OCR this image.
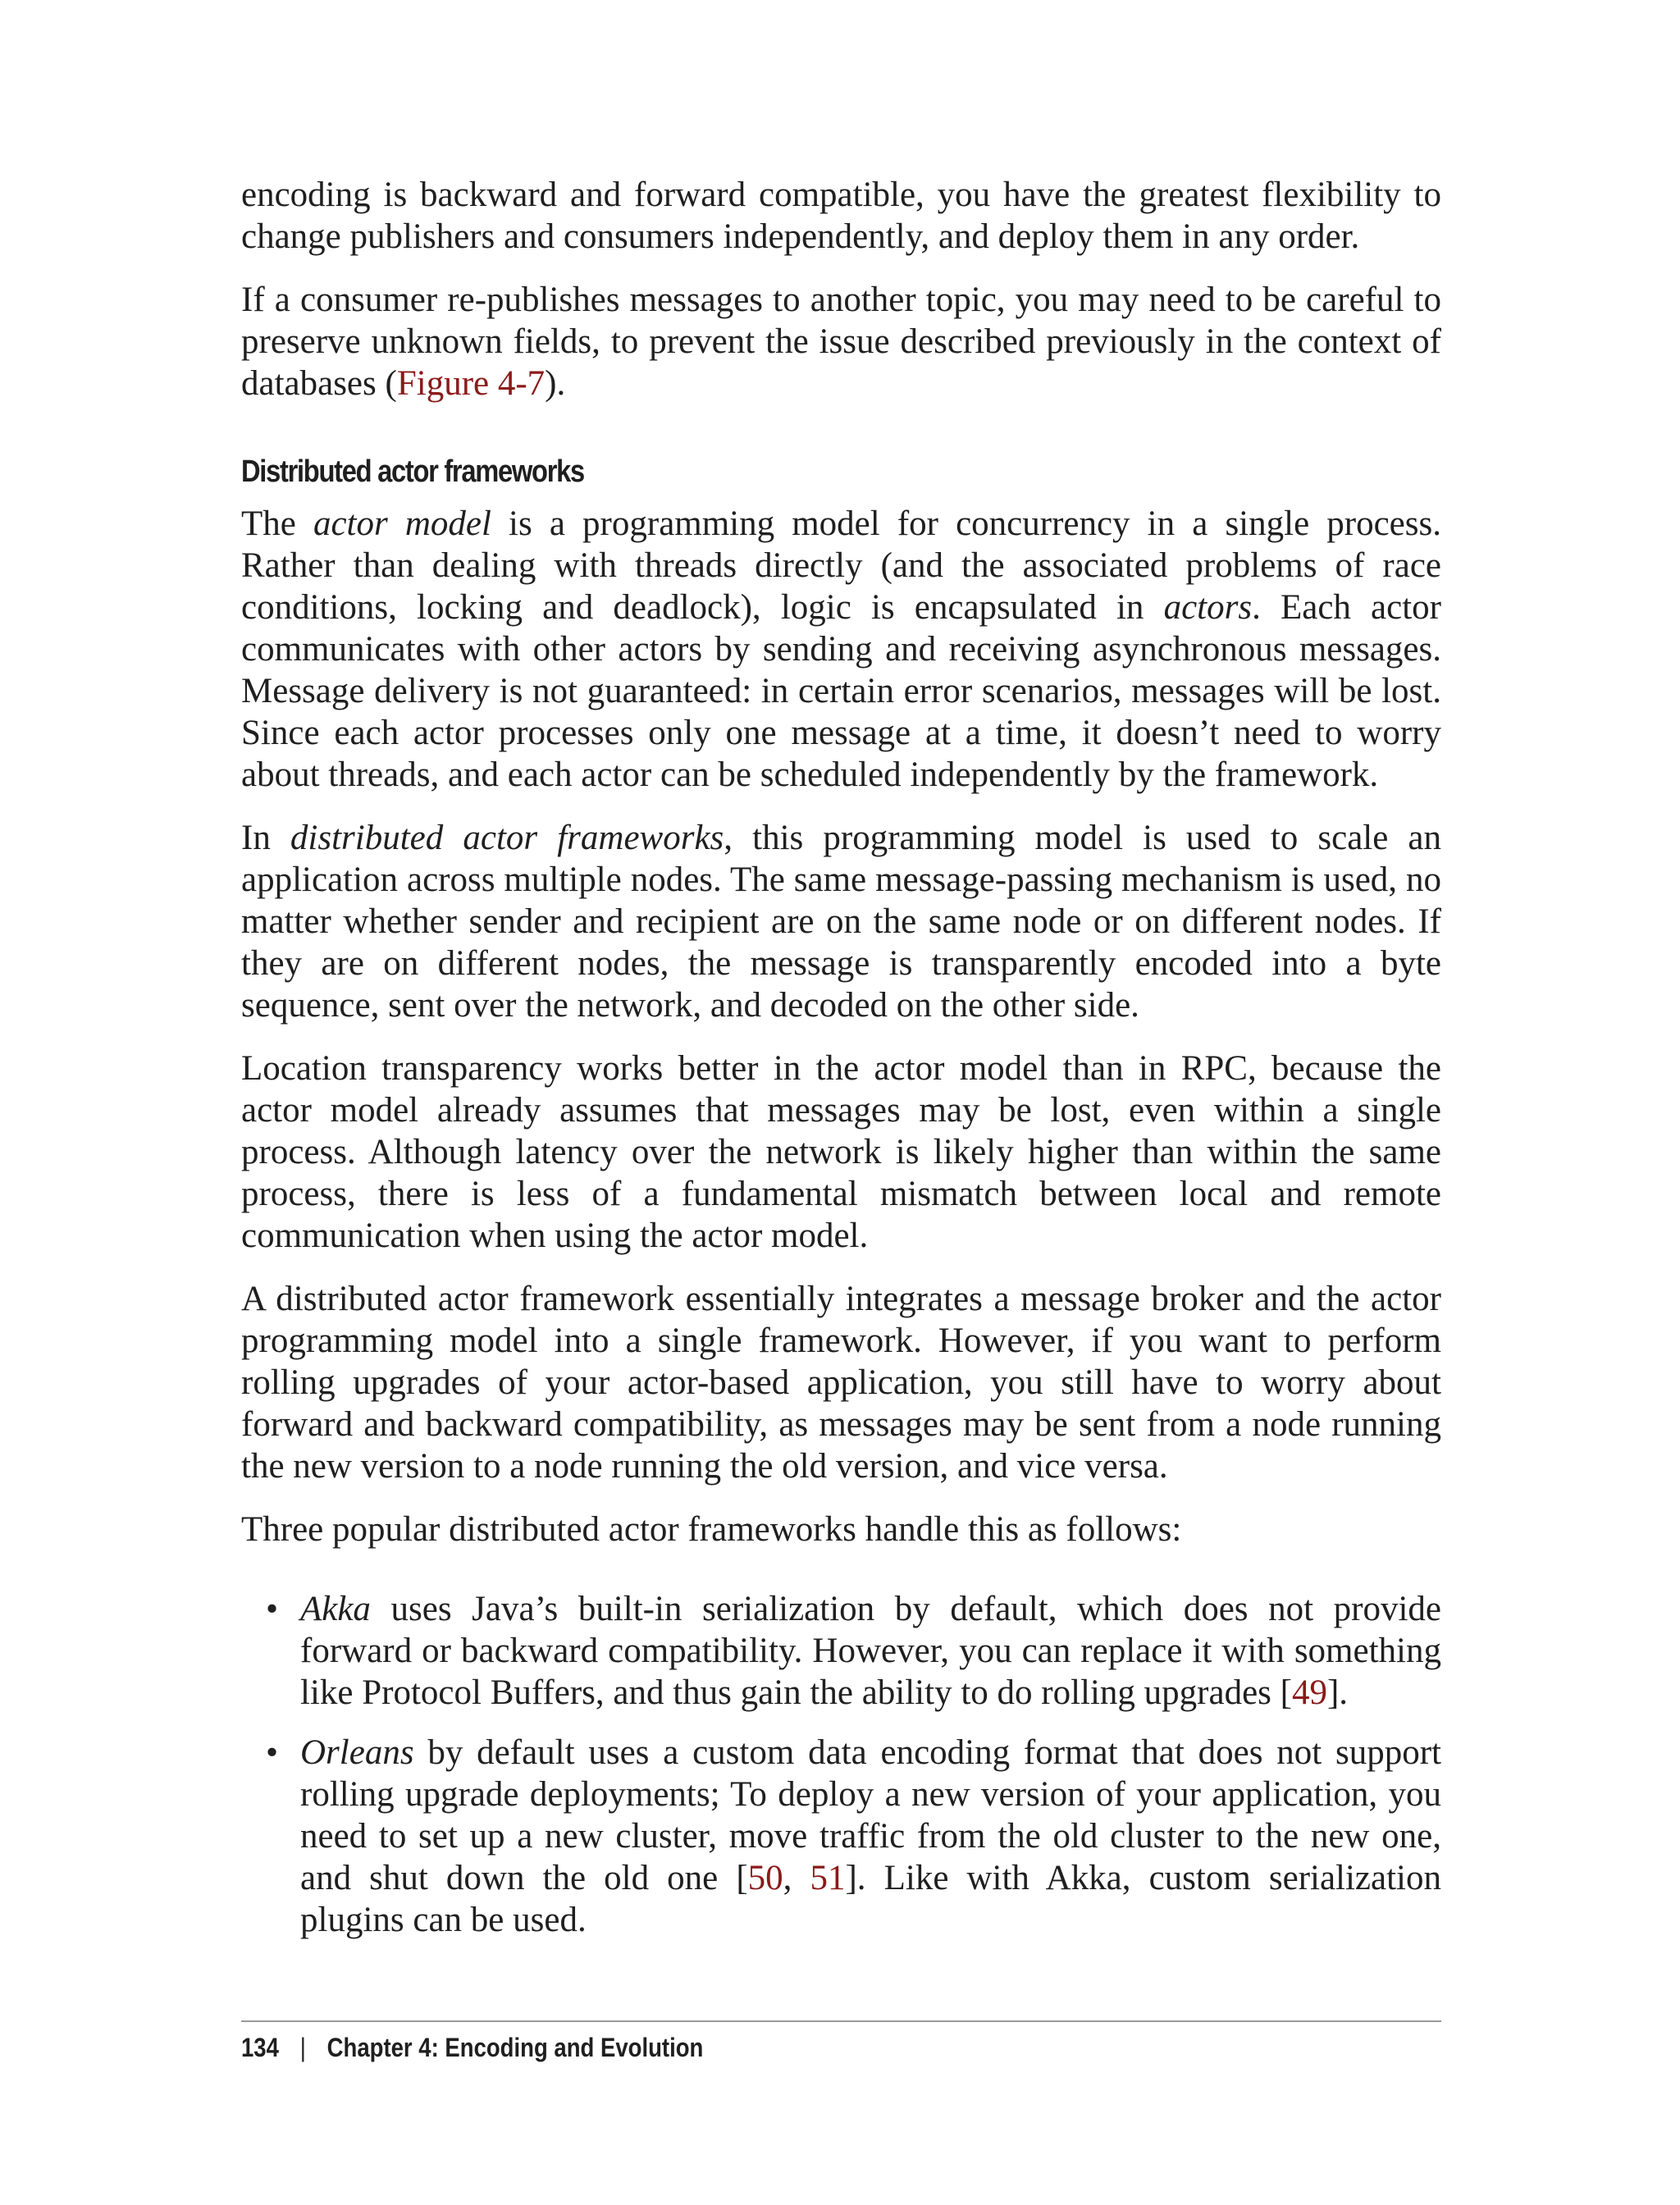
encoding is backward and forward compatible, you have the greatest flexibility to change publishers and consumers independently, and deploy them in any order.

If a consumer re-publishes messages to another topic, you may need to be careful to preserve unknown fields, to prevent the issue described previously in the context of databases (Figure 4-7).

Distributed actor frameworks

The actor model is a programming model for concurrency in a single process. Rather than dealing with threads directly (and the associated problems of race conditions, locking and deadlock), logic is encapsulated in actors. Each actor communicates with other actors by sending and receiving asynchronous messages. Message delivery is not guaranteed: in certain error scenarios, messages will be lost. Since each actor processes only one message at a time, it doesn’t need to worry about threads, and each actor can be scheduled independently by the framework.

In distributed actor frameworks, this programming model is used to scale an application across multiple nodes. The same message-passing mechanism is used, no matter whether sender and recipient are on the same node or on different nodes. If they are on different nodes, the message is transparently encoded into a byte sequence, sent over the network, and decoded on the other side.

Location transparency works better in the actor model than in RPC, because the actor model already assumes that messages may be lost, even within a single process. Although latency over the network is likely higher than within the same process, there is less of a fundamental mismatch between local and remote communication when using the actor model.

A distributed actor framework essentially integrates a message broker and the actor programming model into a single framework. However, if you want to perform rolling upgrades of your actor-based application, you still have to worry about forward and backward compatibility, as messages may be sent from a node running the new version to a node running the old version, and vice versa.

Three popular distributed actor frameworks handle this as follows:

• Akka uses Java’s built-in serialization by default, which does not provide forward or backward compatibility. However, you can replace it with something like Protocol Buffers, and thus gain the ability to do rolling upgrades [49].
• Orleans by default uses a custom data encoding format that does not support rolling upgrade deployments; To deploy a new version of your application, you need to set up a new cluster, move traffic from the old cluster to the new one, and shut down the old one [50, 51]. Like with Akka, custom serialization plugins can be used.
134 | Chapter 4: Encoding and Evolution
